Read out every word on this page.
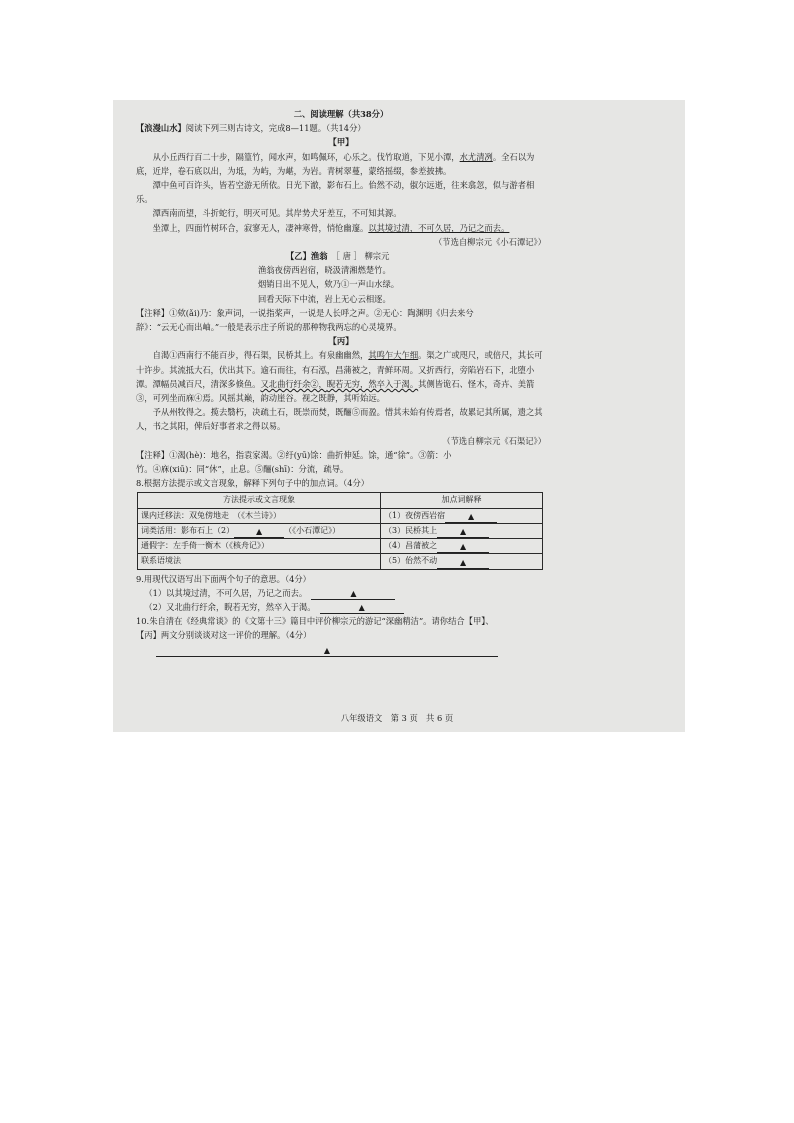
二、阅读理解（共38分）
【浪漫山水】阅读下列三则古诗文，完成8—11题。（共14分）
【甲】

从小丘西行百二十步，隔篁竹，闻水声，如鸣佩环，心乐之。伐竹取道，下见小潭，水尤清冽。全石以为底，近岸，卷石底以出，为坻，为屿，为嵁，为岩。青树翠蔓，蒙络摇缀，参差披拂。

潭中鱼可百许头，皆若空游无所依。日光下澈，影布石上。佁然不动，俶尔远逝，往来翕忽，似与游者相乐。

潭西南而望，斗折蛇行，明灭可见。其岸势犬牙差互，不可知其源。

坐潭上，四面竹树环合，寂寥无人，凄神寒骨，悄怆幽邃。以其境过清，不可久居，乃记之而去。

（节选自柳宗元《小石潭记》）
【乙】渔翁　 ［ 唐 ］ 柳宗元
渔翁夜傍西岩宿，晓汲清湘燃楚竹。
烟销日出不见人，欸乃①一声山水绿。
回看天际下中流，岩上无心云相逐。
【注释】①欸(ǎi)乃：象声词，一说指桨声，一说是人长呼之声。②无心：陶渊明《归去来兮
辞》：“云无心而出岫。”一般是表示庄子所说的那种物我两忘的心灵境界。
【丙】

自渴①西南行不能百步，得石渠，民桥其上。有泉幽幽然，其鸣乍大乍细。渠之广或咫尺，或倍尺，其长可十许步。其流抵大石，伏出其下。逾石而往，有石泓，昌蒲被之，青鲜环周。又折西行，旁陷岩石下，北堕小潭。潭幅员减百尺，清深多倏鱼。又北曲行纡余②，睨若无穷，然卒入于渴。其侧皆诡石、怪木，奇卉、美箭③，可列坐而庥④焉。风摇其巅，韵动崖谷。视之既静，其听始远。

予从州牧得之。揽去翳朽，决疏土石，既崇而焚，既酾⑤而盈。惜其未始有传焉者，故累记其所属，遗之其人，书之其阳，俾后好事者求之得以易。

（节选自柳宗元《石渠记》）
【注释】①渴(hè)：地名，指袁家渴。②纡(yū)馀：曲折伸延。馀，通“徐”。③箭：小
竹。④庥(xiū)：同“休”，止息。⑤酾(shī)：分流，疏导。
8.根据方法提示或文言现象，解释下列句子中的加点词。（4分）
方法提示或文言现象	加点词解释
课内迁移法：双兔傍地走　（《木兰诗》）	（1）夜傍西岩宿 ▲
词类活用：影布石上（2） ▲ （《小石潭记》）	（3）民桥其上 ▲
通假字：左手倚一衡木（《核舟记》）	（4）昌蒲被之 ▲
联系语境法	（5）佁然不动 ▲
9.用现代汉语写出下面两个句子的意思。（4分）
（1）以其境过清，不可久居，乃记之而去。　	▲
（2）又北曲行纡余，睨若无穷，然卒入于渴。　	▲
10.朱自清在《经典常谈》的《文第十三》篇目中评价柳宗元的游记“深幽精洁”。请你结合【甲】、
【丙】两文分别谈谈对这一评价的理解。（4分）
▲
八年级语文　第 3 页　共 6 页
